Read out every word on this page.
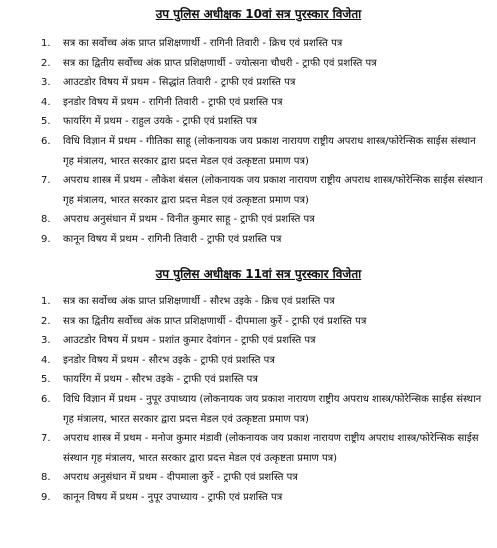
उप पुलिस अधीक्षक 10वां सत्र पुरस्कार विजेता
1. सत्र का सर्वोच्च अंक प्राप्त प्रशिक्षणार्थी - रागिनी तिवारी - क्रिच एवं प्रशस्ति पत्र
2. सत्र का द्वितीय सर्वोच्च अंक प्राप्त प्रशिक्षणार्थी - ज्योत्सना चौधरी - ट्राफी एवं प्रशस्ति पत्र
3. आउटडोर विषय में प्रथम - सिद्धांत तिवारी - ट्राफी एवं प्रशस्ति पत्र
4. इनडोर विषय में प्रथम - रागिनी तिवारी - ट्राफी एवं प्रशस्ति पत्र
5. फायरिंग में प्रथम - राहुल उयके - ट्राफी एवं प्रशस्ति पत्र
6. विधि विज्ञान में प्रथम - गीतिका साहू (लोकनायक जय प्रकाश नारायण राष्ट्रीय अपराध शास्त्र/फोरेन्सिक साईस संस्थान गृह मंत्रालय, भारत सरकार द्वारा प्रदत्त मेडल एवं उत्कृष्टता प्रमाण पत्र)
7. अपराध शास्त्र में प्रथम - लौकेश बंसल (लोकनायक जय प्रकाश नारायण राष्ट्रीय अपराध शास्त्र/फोरेन्सिक साईस संस्थान गृह मंत्रालय, भारत सरकार द्वारा प्रदत्त मेडल एवं उत्कृष्टता प्रमाण पत्र)
8. अपराध अनुसंधान में प्रथम - विनीत कुमार साहू - ट्राफी एवं प्रशस्ति पत्र
9. कानून विषय में प्रथम - रागिनी तिवारी - ट्राफी एवं प्रशस्ति पत्र
उप पुलिस अधीक्षक 11वां सत्र पुरस्कार विजेता
1. सत्र का सर्वोच्च अंक प्राप्त प्रशिक्षणार्थी - सौरभ उइके - क्रिच एवं प्रशस्ति पत्र
2. सत्र का द्वितीय सर्वोच्च अंक प्राप्त प्रशिक्षणार्थी - दीपमाला कुर्रे - ट्राफी एवं प्रशस्ति पत्र
3. आउटडोर विषय में प्रथम - प्रशांत कुमार देवांगन - ट्राफी एवं प्रशस्ति पत्र
4. इनडोर विषय में प्रथम - सौरभ उइके - ट्राफी एवं प्रशस्ति पत्र
5. फायरिंग में प्रथम - सौरभ उइके - ट्राफी एवं प्रशस्ति पत्र
6. विधि विज्ञान में प्रथम - नुपूर उपाध्याय (लोकनायक जय प्रकाश नारायण राष्ट्रीय अपराध शास्त्र/फोरेन्सिक साईस संस्थान गृह मंत्रालय, भारत सरकार द्वारा प्रदत्त मेडल एवं उत्कृष्टता प्रमाण पत्र)
7. अपराध शास्त्र में प्रथम - मनोज कुमार मंडावी (लोकनायक जय प्रकाश नारायण राष्ट्रीय अपराध शास्त्र/फोरेन्सिक साईस संस्थान गृह मंत्रालय, भारत सरकार द्वारा प्रदत्त मेडल एवं उत्कृष्टता प्रमाण पत्र)
8. अपराध अनुसंधान में प्रथम - दीपमाला कुर्रे - ट्राफी एवं प्रशस्ति पत्र
9. कानून विषय में प्रथम - नुपूर उपाध्याय - ट्राफी एवं प्रशस्ति पत्र
